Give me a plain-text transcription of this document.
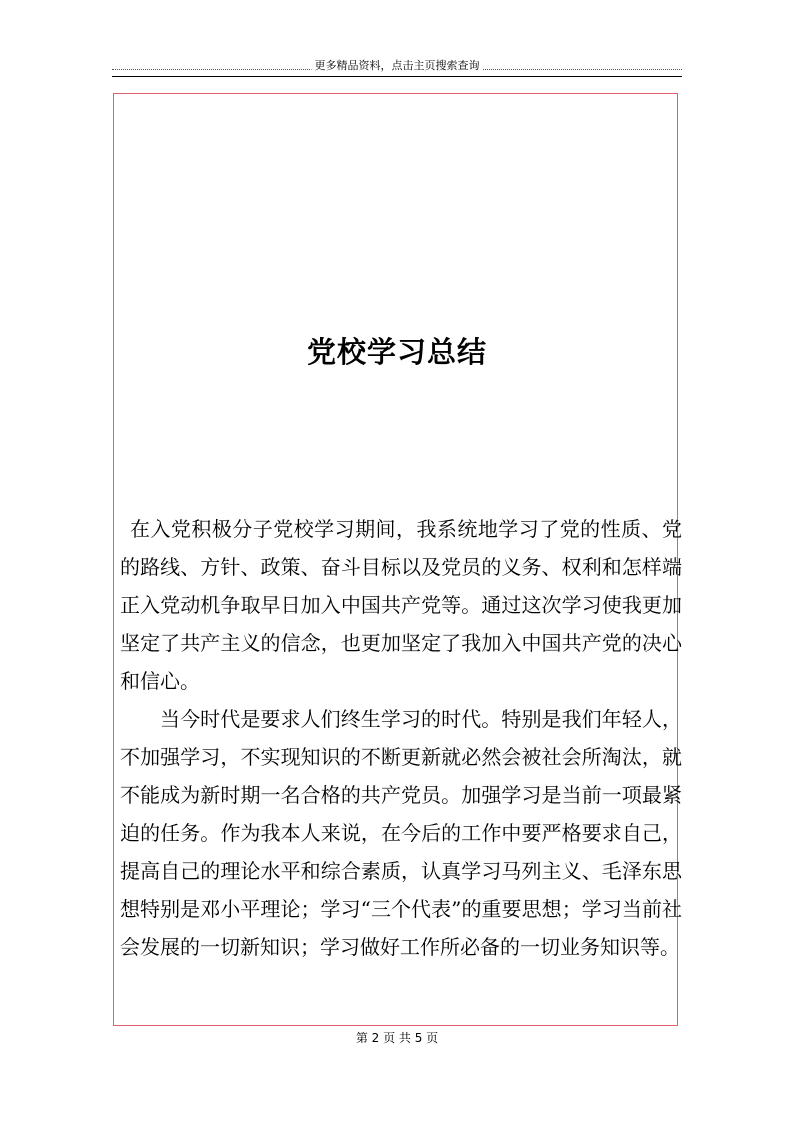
更多精品资料，点击主页搜索查询
党校学习总结

在入党积极分子党校学习期间，我系统地学习了党的性质、党的路线、方针、政策、奋斗目标以及党员的义务、权利和怎样端正入党动机争取早日加入中国共产党等。通过这次学习使我更加坚定了共产主义的信念，也更加坚定了我加入中国共产党的决心和信心。

当今时代是要求人们终生学习的时代。特别是我们年轻人，不加强学习，不实现知识的不断更新就必然会被社会所淘汰，就不能成为新时期一名合格的共产党员。加强学习是当前一项最紧迫的任务。作为我本人来说，在今后的工作中要严格要求自己，提高自己的理论水平和综合素质，认真学习马列主义、毛泽东思想特别是邓小平理论；学习“三个代表”的重要思想；学习当前社会发展的一切新知识；学习做好工作所必备的一切业务知识等。

第 2 页 共 5 页
